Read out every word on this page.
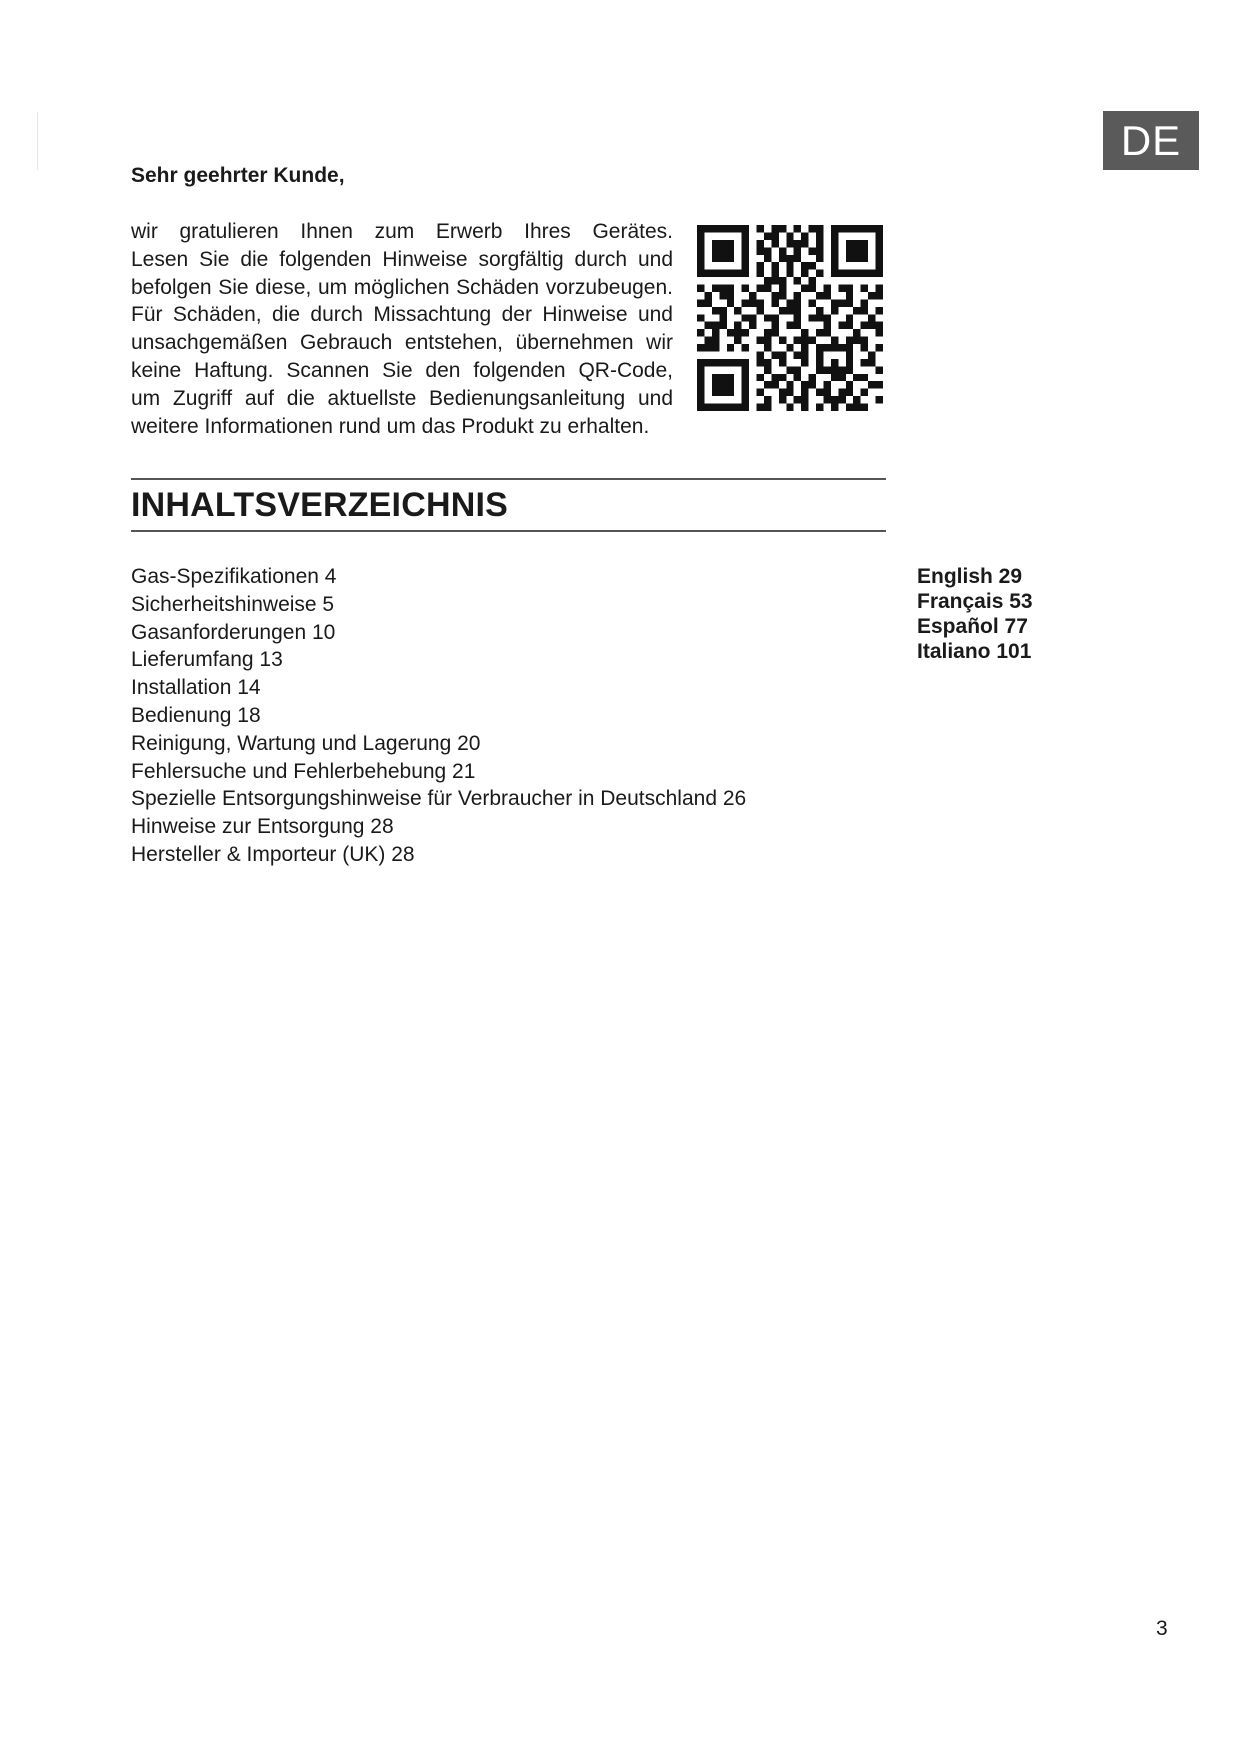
DE
Sehr geehrter Kunde,

wir gratulieren Ihnen zum Erwerb Ihres Gerätes.
Lesen Sie die folgenden Hinweise sorgfältig durch und
befolgen Sie diese, um möglichen Schäden vorzubeugen.
Für Schäden, die durch Missachtung der Hinweise und
unsachgemäßen Gebrauch entstehen, übernehmen wir
keine Haftung. Scannen Sie den folgenden QR-Code,
um Zugriff auf die aktuellste Bedienungsanleitung und
weitere Informationen rund um das Produkt zu erhalten.

INHALTSVERZEICHNIS
Gas-Spezifikationen 4
Sicherheitshinweise 5
Gasanforderungen 10
Lieferumfang 13
Installation 14
Bedienung 18
Reinigung, Wartung und Lagerung 20
Fehlersuche und Fehlerbehebung 21
Spezielle Entsorgungshinweise für Verbraucher in Deutschland 26
Hinweise zur Entsorgung 28
Hersteller & Importeur (UK) 28
English 29
Français 53
Español 77
Italiano 101
3
